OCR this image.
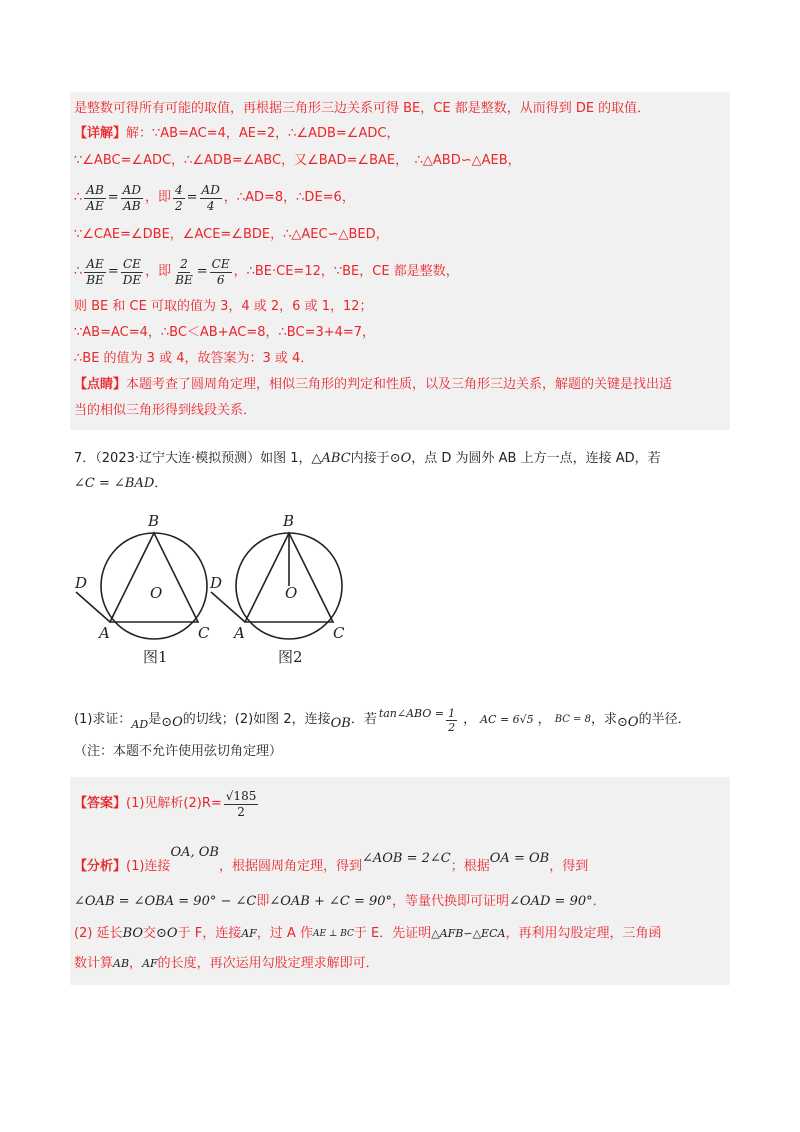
是整数可得所有可能的取值，再根据三角形三边关系可得 BE，CE 都是整数，从而得到 DE 的取值．
【详解】解：∵AB=AC=4，AE=2，∴∠ADB=∠ADC，
∵∠ABC=∠ADC，∴∠ADB=∠ABC，又∠BAD=∠BAE，　∴△ABD∽△AEB，
∴ $\frac{AB}{AE} = \frac{AD}{AB}$ ，即 $\frac{4}{2} = \frac{AD}{4}$ ，∴AD=8，∴DE=6，
∵∠CAE=∠DBE，∠ACE=∠BDE，∴△AEC∽△BED，
∴ $\frac{AE}{BE} = \frac{CE}{DE}$ ，即 $\frac{2}{BE} = \frac{CE}{6}$ ，∴BE·CE=12，∵BE，CE 都是整数，
则 BE 和 CE 可取的值为 3，4 或 2，6 或 1，12；
∵AB=AC=4，∴BC＜AB+AC=8，∴BC=3+4=7，
∴BE 的值为 3 或 4，故答案为：3 或 4．
【点睛】本题考查了圆周角定理，相似三角形的判定和性质，以及三角形三边关系，解题的关键是找出适
当的相似三角形得到线段关系．
7．（2023·辽宁大连·模拟预测）如图 1，△ABC内接于⊙O，点 D 为圆外 AB 上方一点，连接 AD，若
∠C = ∠BAD．
B
D
O
A	C
B
D
O
A	C
图1	图2
(1)求证： AD 是 ⊙O 的切线；(2)如图 2，连接 OB ．若 tan∠ABO = $\frac{1}{2}$ ， AC = 6√5 ， BC = 8 ，求 ⊙O 的半径．
（注：本题不允许使用弦切角定理）
【答案】 (1)见解析$(2)R= \frac{√185}{2}$
【分析】 (1)连接
OA, OB
，根据圆周角定理，得到
∠AOB = 2∠C
；根据
OA = OB
，得到
∠OAB = ∠OBA = 90° − ∠C 即 ∠OAB + ∠C = 90° ，等量代换即可证明 ∠OAD = 90° ．
(2) 延长 BO 交 ⊙O 于 F，连接 AF ，过 A 作 AE ⊥ BC 于 E．先证明 △AFB∽△ECA ，再利用勾股定理，三角函
数计算 AB ， AF 的长度，再次运用勾股定理求解即可．
